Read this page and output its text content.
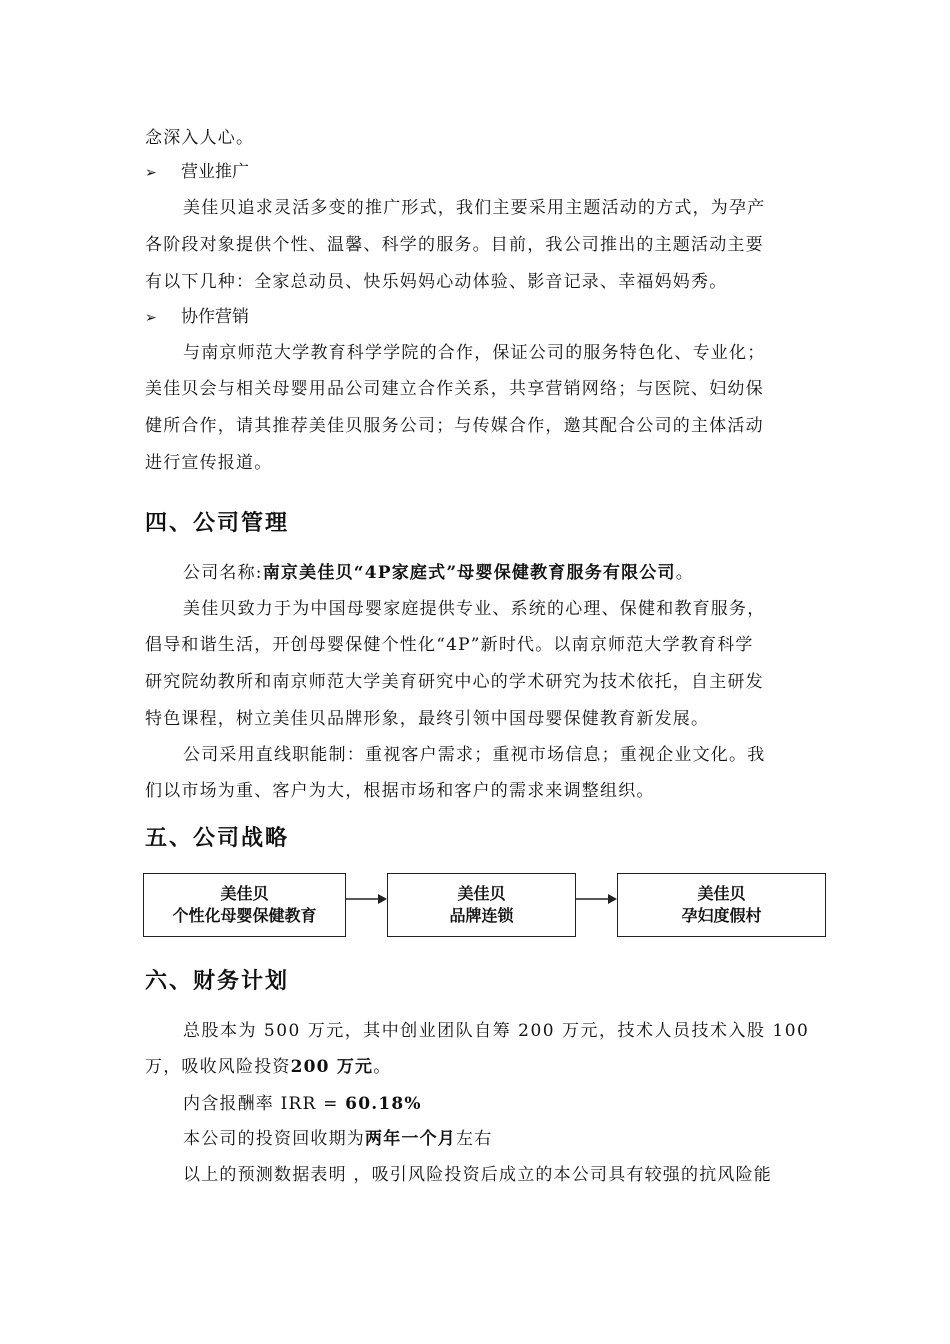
念深入人心。
➢ 营业推广
美佳贝追求灵活多变的推广形式，我们主要采用主题活动的方式，为孕产
各阶段对象提供个性、温馨、科学的服务。目前，我公司推出的主题活动主要
有以下几种：全家总动员、快乐妈妈心动体验、影音记录、幸福妈妈秀。
➢ 协作营销
与南京师范大学教育科学学院的合作，保证公司的服务特色化、专业化；
美佳贝会与相关母婴用品公司建立合作关系，共享营销网络；与医院、妇幼保
健所合作，请其推荐美佳贝服务公司；与传媒合作，邀其配合公司的主体活动
进行宣传报道。
四、公司管理
公司名称:南京美佳贝“4P家庭式”母婴保健教育服务有限公司。
美佳贝致力于为中国母婴家庭提供专业、系统的心理、保健和教育服务，
倡导和谐生活，开创母婴保健个性化“4P”新时代。以南京师范大学教育科学
研究院幼教所和南京师范大学美育研究中心的学术研究为技术依托，自主研发
特色课程，树立美佳贝品牌形象，最终引领中国母婴保健教育新发展。
公司采用直线职能制：重视客户需求；重视市场信息；重视企业文化。我
们以市场为重、客户为大，根据市场和客户的需求来调整组织。
五、公司战略
美佳贝
个性化母婴保健教育
美佳贝
品牌连锁
美佳贝
孕妇度假村
六、财务计划
总股本为 500 万元，其中创业团队自筹 200 万元，技术人员技术入股 100
万，吸收风险投资200 万元。
内含报酬率 IRR = 60.18%
本公司的投资回收期为两年一个月左右
以上的预测数据表明 ，吸引风险投资后成立的本公司具有较强的抗风险能
